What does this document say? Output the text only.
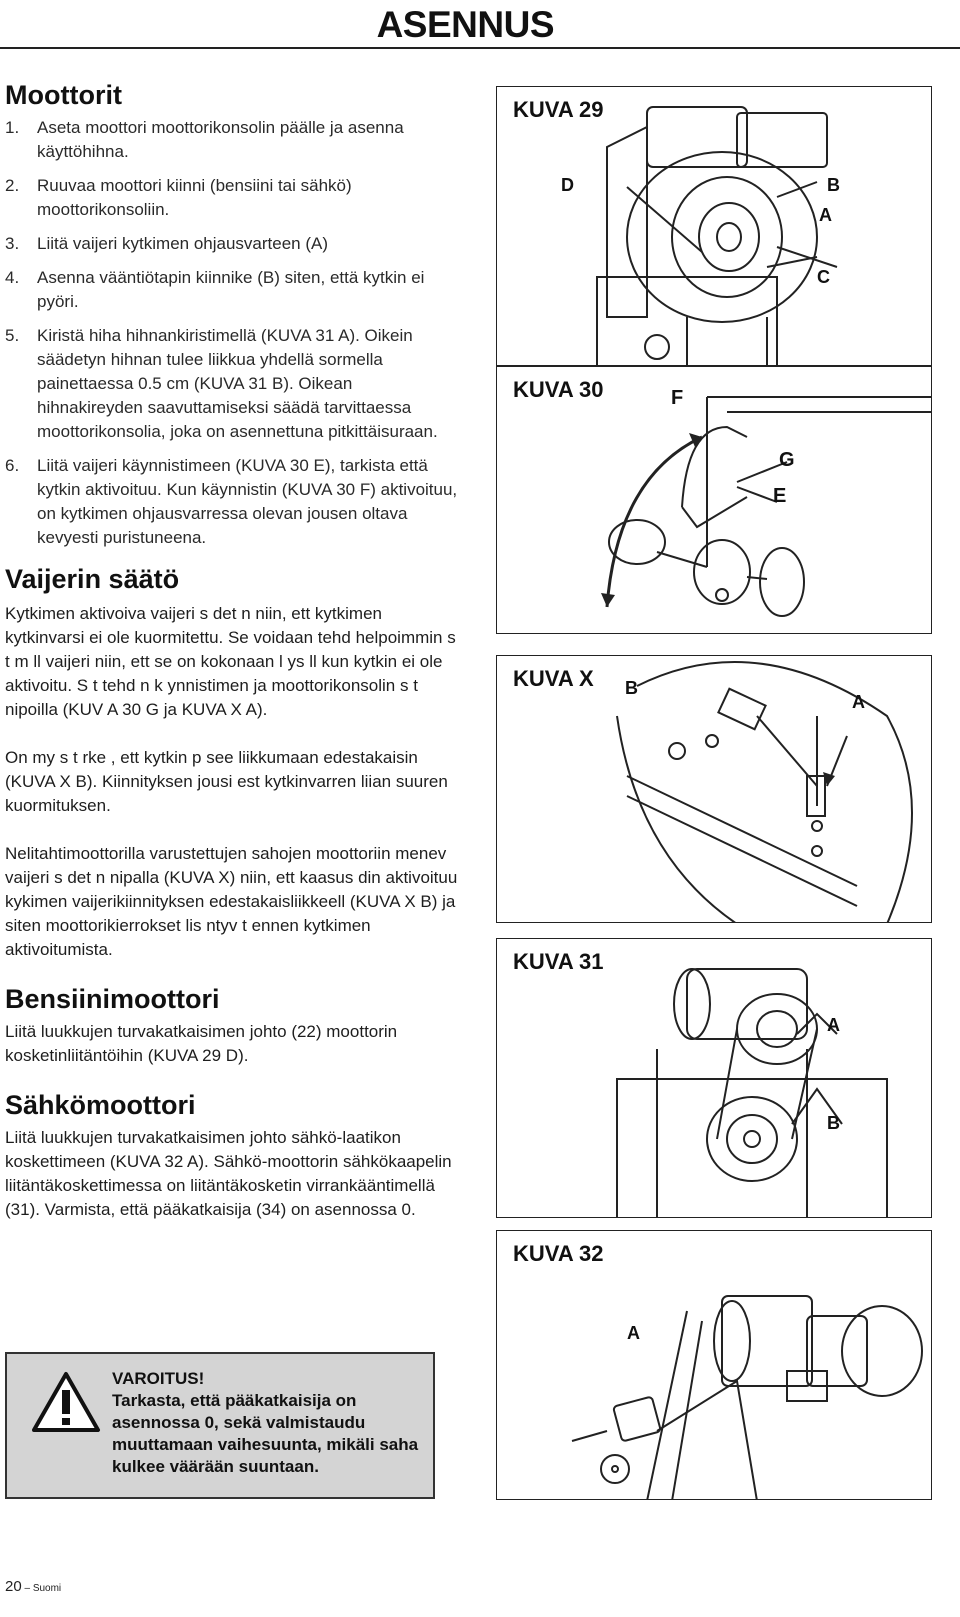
ASENNUS
Moottorit
1.	Aseta moottori moottorikonsolin päälle ja asenna käyttöhihna.
2.	Ruuvaa moottori kiinni (bensiini tai sähkö) moottorikonsoliin.
3.	Liitä vaijeri kytkimen ohjausvarteen (A)
4.	Asenna vääntiötapin kiinnike (B) siten, että kytkin ei pyöri.
5.	Kiristä hiha hihnankiristimellä (KUVA 31 A). Oikein säädetyn hihnan tulee liikkua yhdellä sormella painettaessa 0.5 cm (KUVA 31 B). Oikean hihnakireyden saavuttamiseksi säädä tarvittaessa moottorikonsolia, joka on asennettuna pitkittäisuraan.
6.	Liitä vaijeri käynnistimeen (KUVA 30 E), tarkista että kytkin aktivoituu. Kun käynnistin (KUVA 30 F) aktivoituu, on kytkimen ohjausvarressa olevan jousen oltava kevyesti puristuneena.
Vaijerin säätö

Kytkimen aktivoiva vaijeri s det n niin, ett kytkimen kytkinvarsi ei ole kuormitettu. Se voidaan tehd helpoimmin s t m ll vaijeri niin, ett se on kokonaan l ys ll kun kytkin ei ole aktivoitu. S t tehd n k ynnistimen ja moottorikonsolin s t nipoilla (KUV A 30 G ja KUVA X A).

On my s t rke , ett kytkin p see liikkumaan edestakaisin (KUVA X B). Kiinnityksen jousi est kytkinvarren liian suuren kuormituksen.

Nelitahtimoottorilla varustettujen sahojen moottoriin menev vaijeri s det n nipalla (KUVA X) niin, ett kaasus din aktivoituu kykimen vaijerikiinnityksen edestakaisliikkeell (KUVA X B) ja siten moottorikierrokset lis ntyv t ennen kytkimen aktivoitumista.

Bensiinimoottori

Liitä luukkujen turvakatkaisimen johto (22) moottorin kosketinliitäntöihin (KUVA 29 D).

Sähkömoottori

Liitä luukkujen turvakatkaisimen johto sähkö-laatikon koskettimeen (KUVA 32 A). Sähkö-moottorin sähkökaapelin liitäntäkoskettimessa on liitäntäkosketin virrankääntimellä (31). Varmista, että pääkatkaisija (34) on asennossa 0.

VAROITUS!
Tarkasta, että pääkatkaisija on asennossa 0, sekä valmistaudu muuttamaan vaihesuunta, mikäli saha kulkee väärään suuntaan.
KUVA 29
D	B
A
C
KUVA 30	F
G
E
KUVA X B
A
KUVA 31
A
B
KUVA 32
A
20 – Suomi
